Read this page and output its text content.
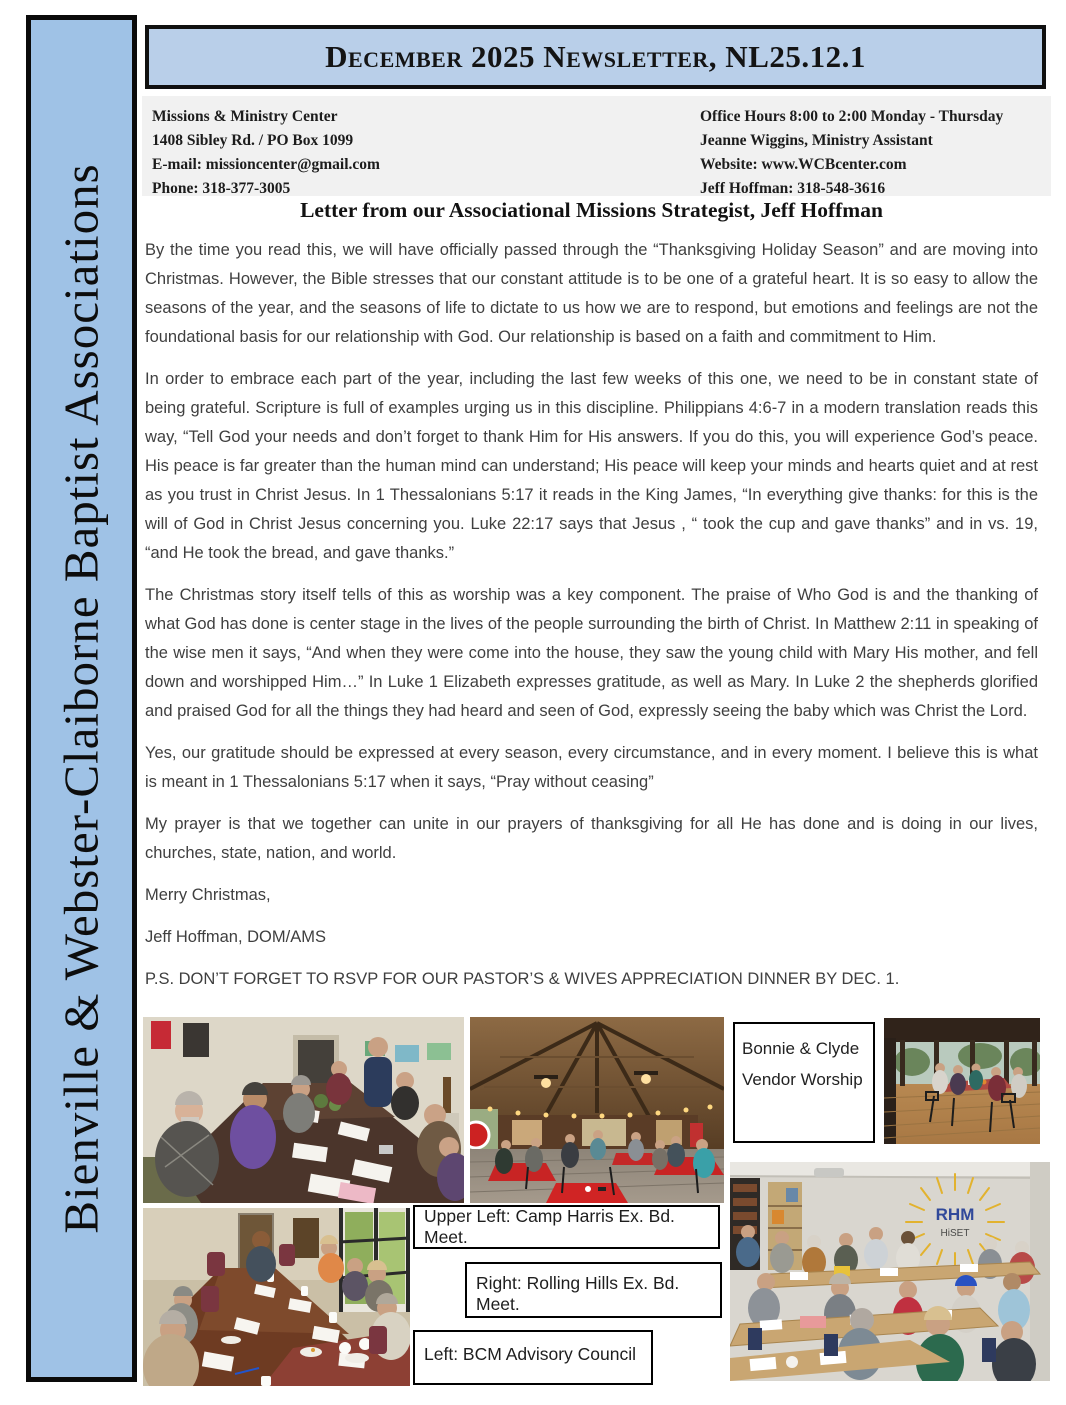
Bienville & Webster-Claiborne Baptist Associations
December 2025 Newsletter, NL25.12.1
Missions & Ministry Center
1408 Sibley Rd. / PO Box 1099
E-mail: missioncenter@gmail.com
Phone: 318-377-3005
Office Hours 8:00 to 2:00 Monday - Thursday
Jeanne Wiggins, Ministry Assistant
Website: www.WCBcenter.com
Jeff Hoffman: 318-548-3616
Letter from our Associational Missions Strategist, Jeff Hoffman

By the time you read this, we will have officially passed through the “Thanksgiving Holiday Season” and are moving into Christmas. However, the Bible stresses that our constant attitude is to be one of a grateful heart. It is so easy to allow the seasons of the year, and the seasons of life to dictate to us how we are to respond, but emotions and feelings are not the foundational basis for our relationship with God. Our relationship is based on a faith and commitment to Him.

In order to embrace each part of the year, including the last few weeks of this one, we need to be in constant state of being grateful. Scripture is full of examples urging us in this discipline. Philippians 4:6-7 in a modern translation reads this way, “Tell God your needs and don’t forget to thank Him for His answers. If you do this, you will experience God’s peace. His peace is far greater than the human mind can understand; His peace will keep your minds and hearts quiet and at rest as you trust in Christ Jesus. In 1 Thessalonians 5:17 it reads in the King James, “In everything give thanks: for this is the will of God in Christ Jesus concerning you. Luke 22:17 says that Jesus , “ took the cup and gave thanks” and in vs. 19, “and He took the bread, and gave thanks.”

The Christmas story itself tells of this as worship was a key component. The praise of Who God is and the thanking of what God has done is center stage in the lives of the people surrounding the birth of Christ. In Matthew 2:11 in speaking of the wise men it says, “And when they were come into the house, they saw the young child with Mary His mother, and fell down and worshipped Him…” In Luke 1 Elizabeth expresses gratitude, as well as Mary. In Luke 2 the shepherds glorified and praised God for all the things they had heard and seen of God, expressly seeing the baby which was Christ the Lord.

Yes, our gratitude should be expressed at every season, every circumstance, and in every moment. I believe this is what is meant in 1 Thessalonians 5:17 when it says, “Pray without ceasing”

My prayer is that we together can unite in our prayers of thanksgiving for all He has done and is doing in our lives, churches, state, nation, and world.

Merry Christmas,

Jeff Hoffman, DOM/AMS

P.S. DON’T FORGET TO RSVP FOR OUR PASTOR’S & WIVES APPRECIATION DINNER BY DEC. 1.

Bonnie & Clyde
Vendor Worship
RHM
HiSET
Upper Left: Camp Harris Ex. Bd. Meet.
Right: Rolling Hills Ex. Bd. Meet.
Left: BCM Advisory Council
